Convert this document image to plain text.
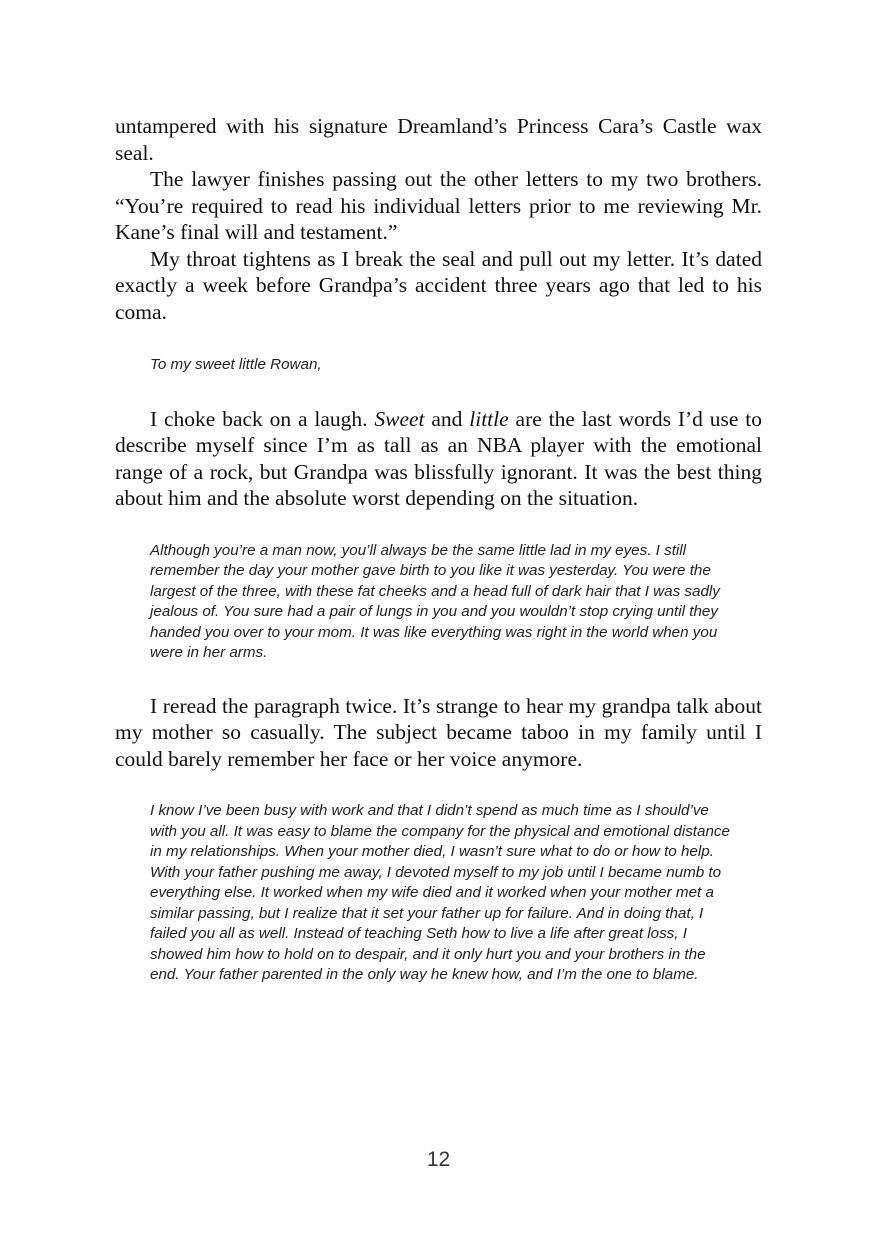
untampered with his signature Dreamland’s Princess Cara’s Castle wax seal.

The lawyer finishes passing out the other letters to my two brothers. “You’re required to read his individual letters prior to me reviewing Mr. Kane’s final will and testament.”

My throat tightens as I break the seal and pull out my letter. It’s dated exactly a week before Grandpa’s accident three years ago that led to his coma.

To my sweet little Rowan,

I choke back on a laugh. Sweet and little are the last words I’d use to describe myself since I’m as tall as an NBA player with the emotional range of a rock, but Grandpa was blissfully ignorant. It was the best thing about him and the absolute worst depending on the situation.

Although you’re a man now, you’ll always be the same little lad in my eyes. I still remember the day your mother gave birth to you like it was yesterday. You were the largest of the three, with these fat cheeks and a head full of dark hair that I was sadly jealous of. You sure had a pair of lungs in you and you wouldn’t stop crying until they handed you over to your mom. It was like everything was right in the world when you were in her arms.

I reread the paragraph twice. It’s strange to hear my grandpa talk about my mother so casually. The subject became taboo in my family until I could barely remember her face or her voice anymore.

I know I’ve been busy with work and that I didn’t spend as much time as I should’ve with you all. It was easy to blame the company for the physical and emotional distance in my relationships. When your mother died, I wasn’t sure what to do or how to help. With your father pushing me away, I devoted myself to my job until I became numb to everything else. It worked when my wife died and it worked when your mother met a similar passing, but I realize that it set your father up for failure. And in doing that, I failed you all as well. Instead of teaching Seth how to live a life after great loss, I showed him how to hold on to despair, and it only hurt you and your brothers in the end. Your father parented in the only way he knew how, and I’m the one to blame.

12
